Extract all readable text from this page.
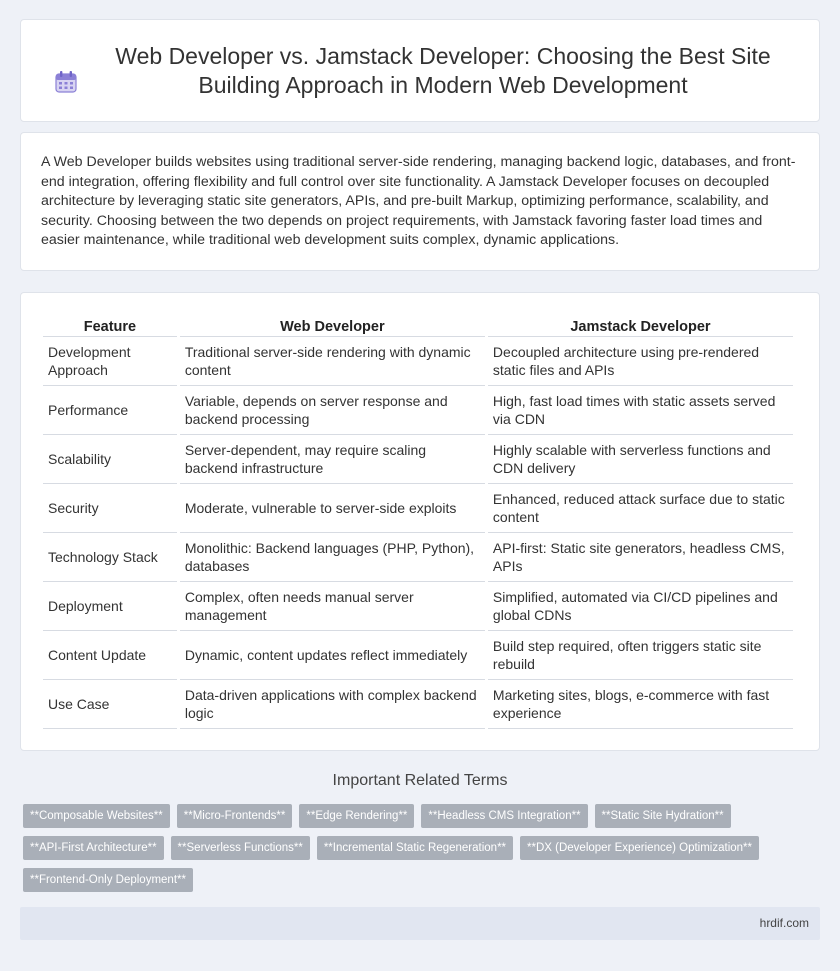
Web Developer vs. Jamstack Developer: Choosing the Best Site Building Approach in Modern Web Development

A Web Developer builds websites using traditional server-side rendering, managing backend logic, databases, and front-end integration, offering flexibility and full control over site functionality. A Jamstack Developer focuses on decoupled architecture by leveraging static site generators, APIs, and pre-built Markup, optimizing performance, scalability, and security. Choosing between the two depends on project requirements, with Jamstack favoring faster load times and easier maintenance, while traditional web development suits complex, dynamic applications.

Feature	Web Developer	Jamstack Developer
Development Approach	Traditional server-side rendering with dynamic content	Decoupled architecture using pre-rendered static files and APIs
Performance	Variable, depends on server response and backend processing	High, fast load times with static assets served via CDN
Scalability	Server-dependent, may require scaling backend infrastructure	Highly scalable with serverless functions and CDN delivery
Security	Moderate, vulnerable to server-side exploits	Enhanced, reduced attack surface due to static content
Technology Stack	Monolithic: Backend languages (PHP, Python), databases	API-first: Static site generators, headless CMS, APIs
Deployment	Complex, often needs manual server management	Simplified, automated via CI/CD pipelines and global CDNs
Content Update	Dynamic, content updates reflect immediately	Build step required, often triggers static site rebuild
Use Case	Data-driven applications with complex backend logic	Marketing sites, blogs, e-commerce with fast experience
Important Related Terms
**Composable Websites**	**Micro-Frontends**	**Edge Rendering**	**Headless CMS Integration**	**Static Site Hydration**
**API-First Architecture**	**Serverless Functions**	**Incremental Static Regeneration**	**DX (Developer Experience) Optimization**
**Frontend-Only Deployment**
hrdif.com
